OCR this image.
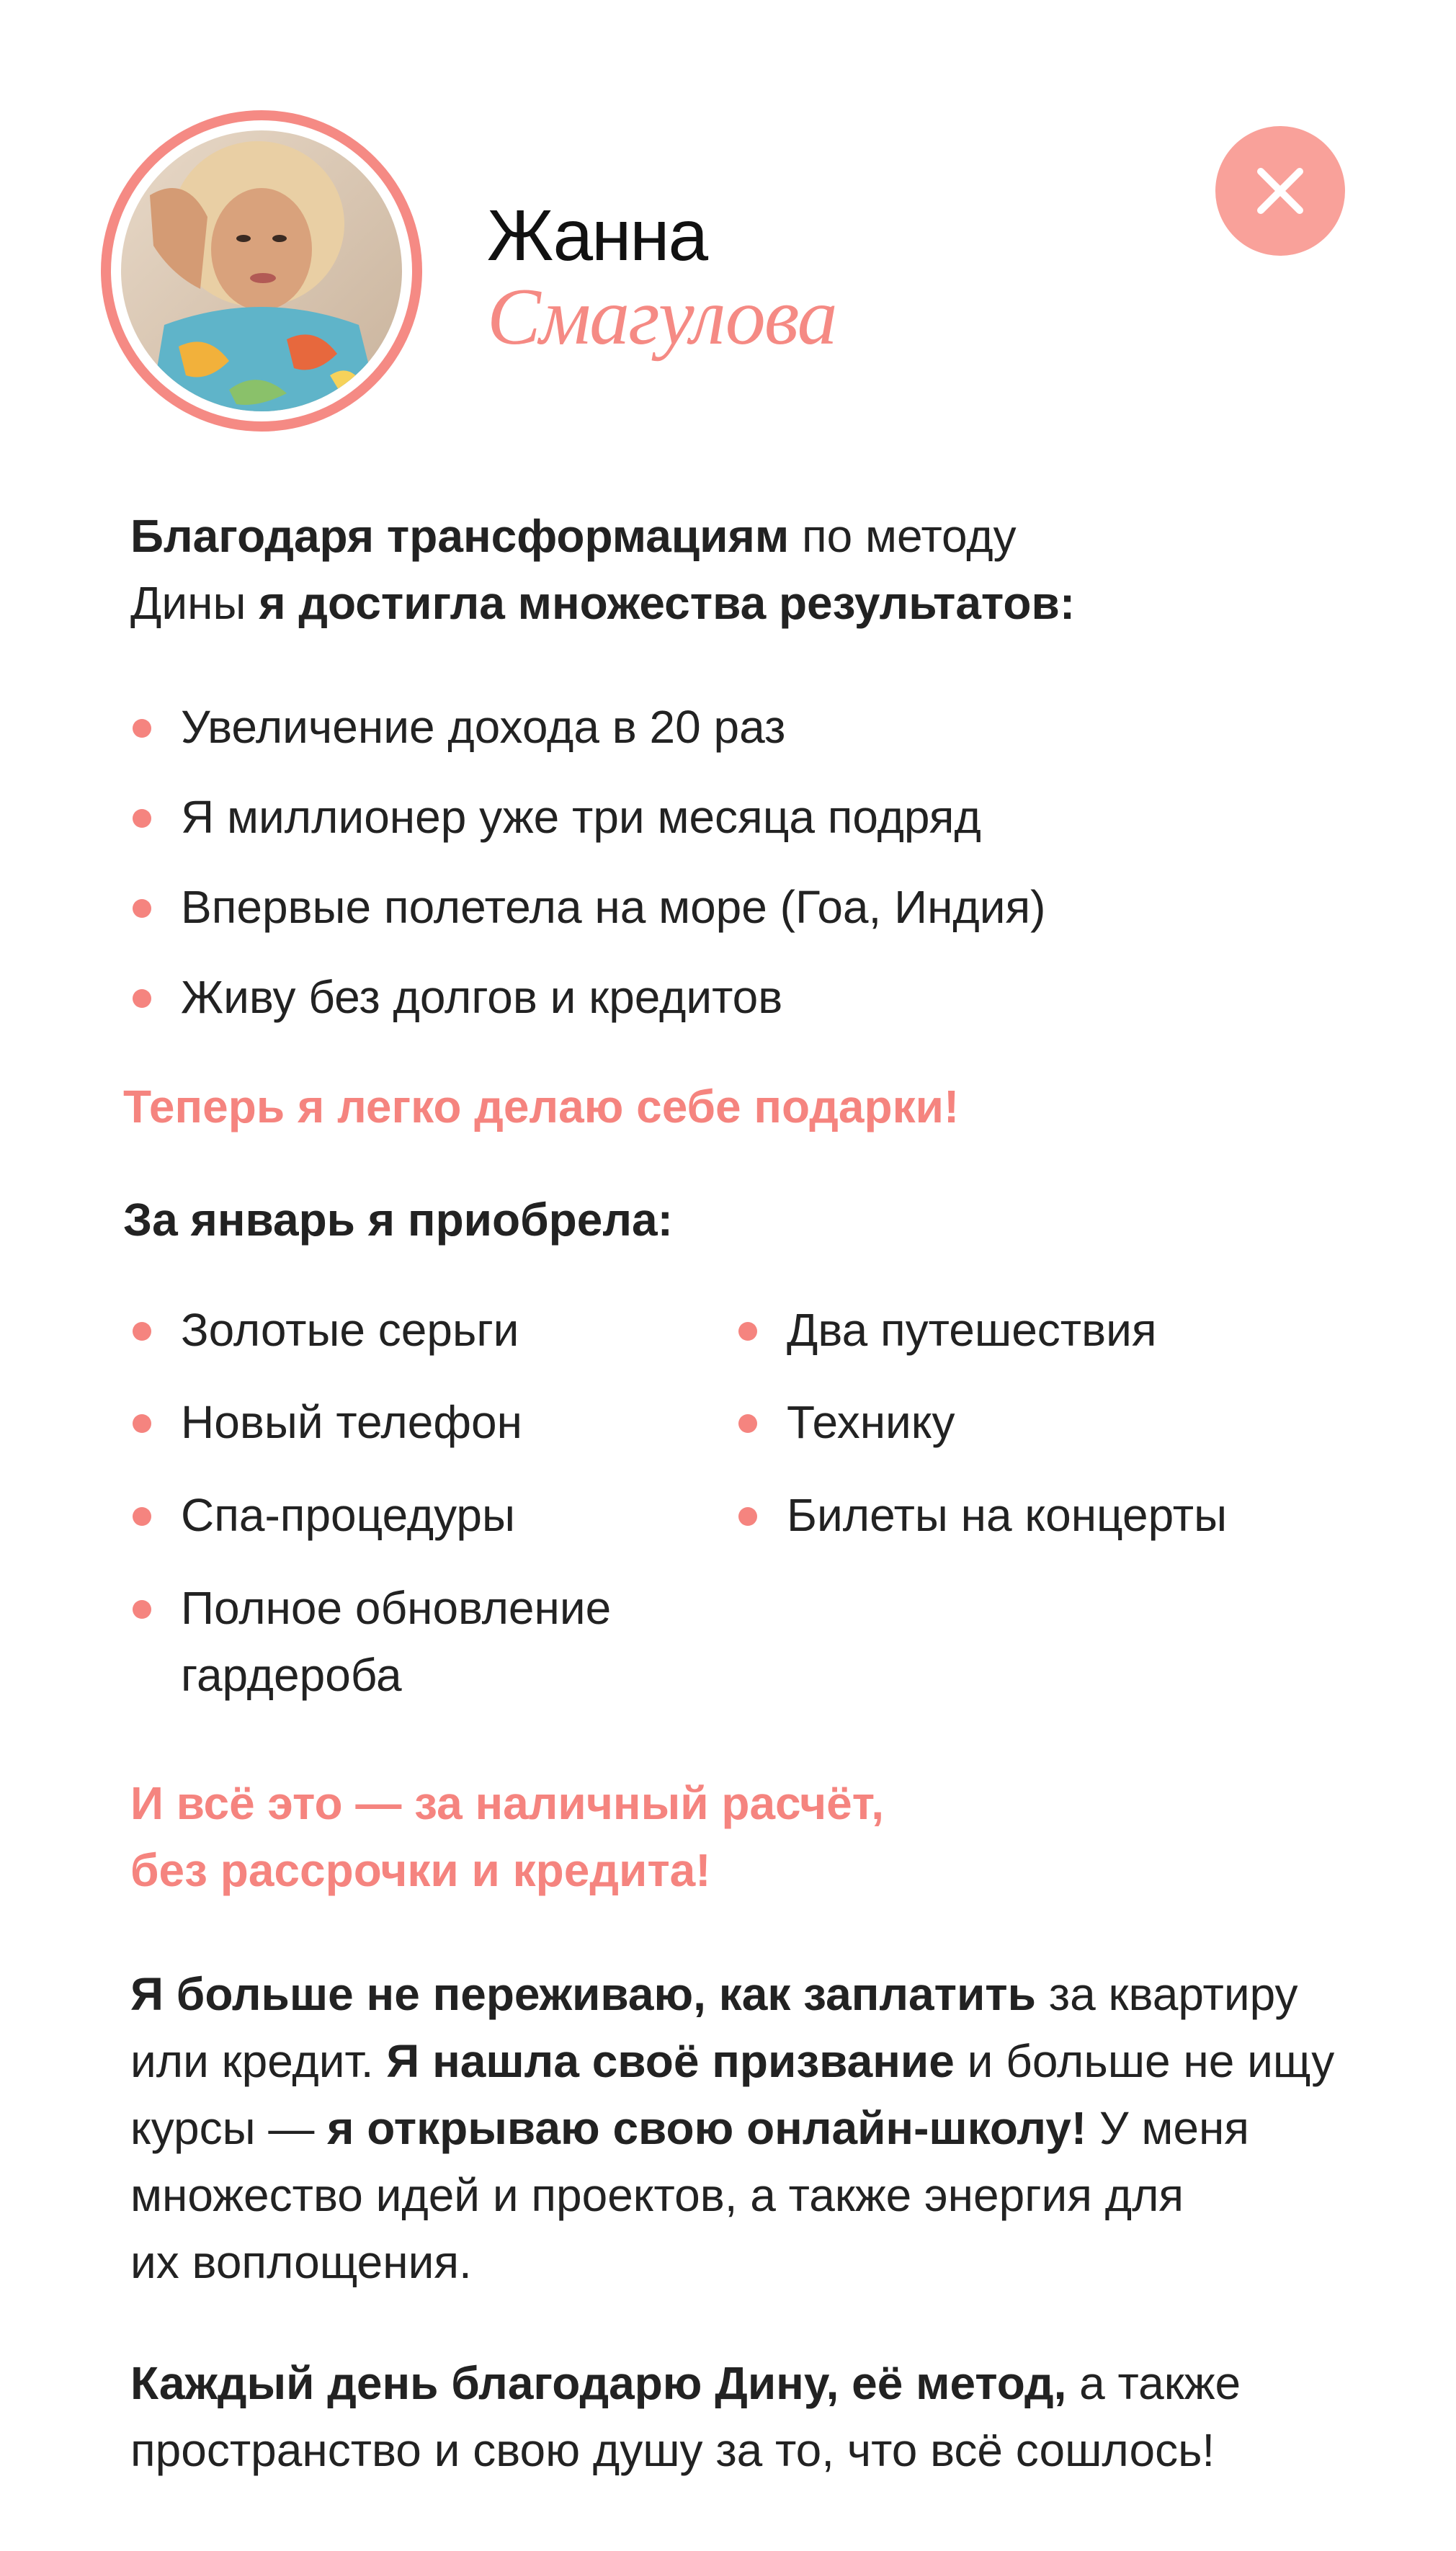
Жанна
Смагулова
Благодаря трансформациям по методу
Дины я достигла множества результатов:
Увеличение дохода в 20 раз
Я миллионер уже три месяца подряд
Впервые полетела на море (Гоа, Индия)
Живу без долгов и кредитов
Теперь я легко делаю себе подарки!
За январь я приобрела:
Золотые серьги
Новый телефон
Спа-процедуры
Полное обновление
гардероба
Два путешествия
Технику
Билеты на концерты
И всё это — за наличный расчёт,
без рассрочки и кредита!
Я больше не переживаю, как заплатить за квартиру
или кредит. Я нашла своё призвание и больше не ищу
курсы — я открываю свою онлайн-школу! У меня
множество идей и проектов, а также энергия для
их воплощения.
Каждый день благодарю Дину, её метод, а также
пространство и свою душу за то, что всё сошлось!
